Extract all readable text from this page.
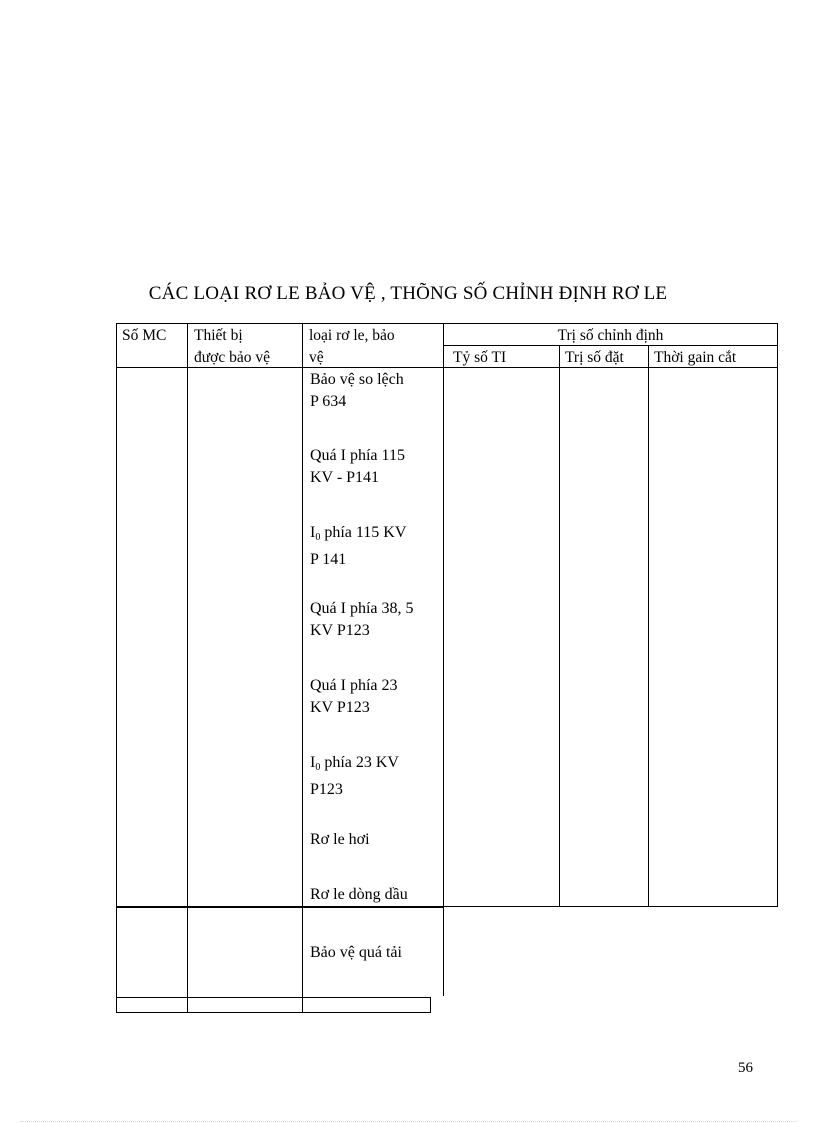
CÁC LOẠI RƠ LE BẢO VỆ , THÕNG SỐ CHỈNH ĐỊNH RƠ LE
Số MC Thiết bị
được bảo vệ
loại rơ le, bảo
vệ
Trị số chỉnh định
Tỷ số TI	Trị số đặt Thời gain cắt
Bảo vệ so lệch
P 634
Quá I phía 115
KV - P141
$I_0$ phía 115 KV
P 141
Quá I phía 38, 5
KV P123
Quá I phía 23
KV P123
$I_0$ phía 23 KV
P123
Rơ le hơi
Rơ le dòng dầu
Bảo vệ quá tải
56
